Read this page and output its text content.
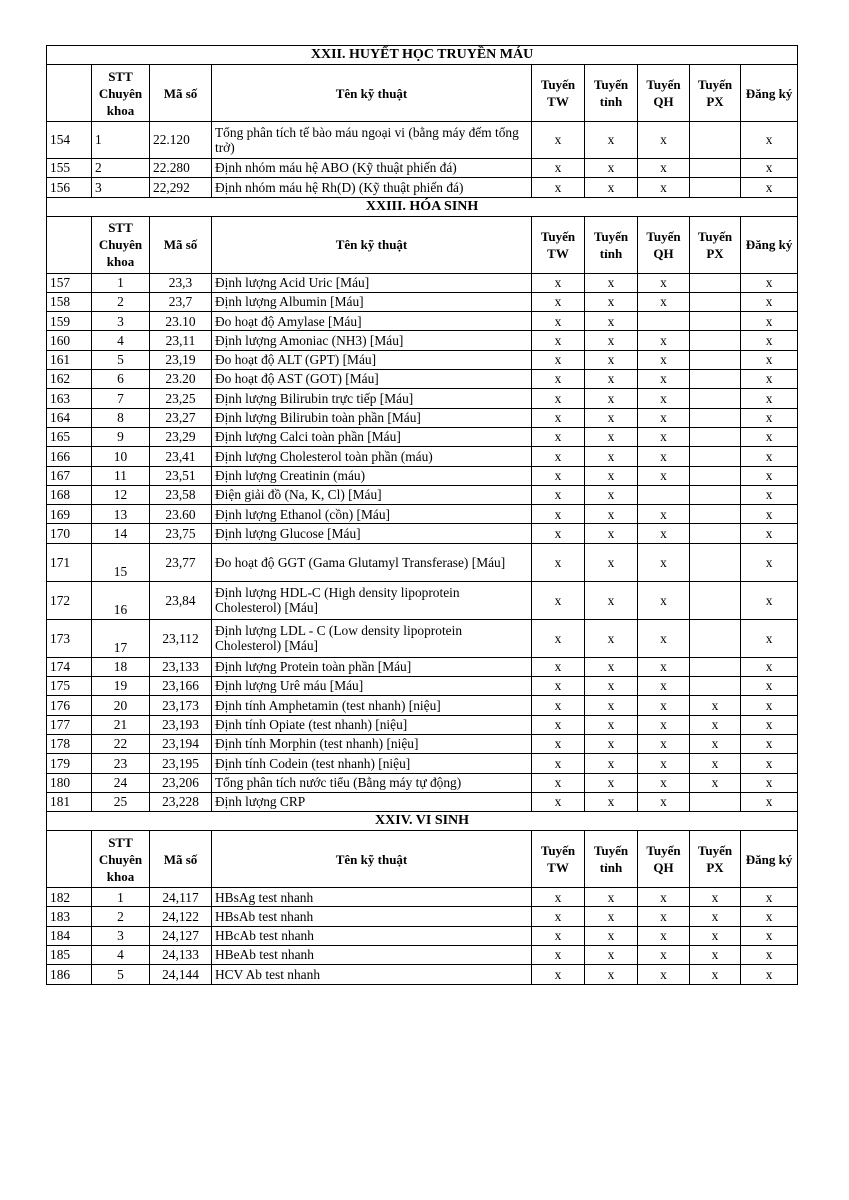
XXII. HUYẾT HỌC TRUYỀN MÁU								
	STT Chuyên khoa	Mã số	Tên kỹ thuật	Tuyến TW	Tuyến tỉnh	Tuyến QH	Tuyến PX	Đăng ký
154	1	22.120	Tổng phân tích tế bào máu ngoại vi (bằng máy đếm tổng trở)	x	x	x		x
155	2	22.280	Định nhóm máu hệ ABO (Kỹ thuật phiến đá)	x	x	x		x
156	3	22,292	Định nhóm máu hệ Rh(D) (Kỹ thuật phiến đá)	x	x	x		x
XXIII. HÓA SINH								
	STT Chuyên khoa	Mã số	Tên kỹ thuật	Tuyến TW	Tuyến tỉnh	Tuyến QH	Tuyến PX	Đăng ký
157	1	23,3	Định lượng Acid Uric [Máu]	x	x	x		x
158	2	23,7	Định lượng Albumin [Máu]	x	x	x		x
159	3	23.10	Đo hoạt độ Amylase [Máu]	x	x			x
160	4	23,11	Định lượng Amoniac (NH3) [Máu]	x	x	x		x
161	5	23,19	Đo hoạt độ ALT (GPT) [Máu]	x	x	x		x
162	6	23.20	Đo hoạt độ AST (GOT) [Máu]	x	x	x		x
163	7	23,25	Định lượng Bilirubin trực tiếp [Máu]	x	x	x		x
164	8	23,27	Định lượng Bilirubin toàn phần [Máu]	x	x	x		x
165	9	23,29	Định lượng Calci toàn phần [Máu]	x	x	x		x
166	10	23,41	Định lượng Cholesterol toàn phần (máu)	x	x	x		x
167	11	23,51	Định lượng Creatinin (máu)	x	x	x		x
168	12	23,58	Điện giải đồ (Na, K, Cl) [Máu]	x	x			x
169	13	23.60	Định lượng Ethanol (cồn) [Máu]	x	x	x		x
170	14	23,75	Định lượng Glucose [Máu]	x	x	x		x
171	15	23,77	Đo hoạt độ GGT (Gama Glutamyl Transferase) [Máu]	x	x	x		x
172	16	23,84	Định lượng HDL-C (High density lipoprotein Cholesterol) [Máu]	x	x	x		x
173	17	23,112	Định lượng LDL - C (Low density lipoprotein Cholesterol) [Máu]	x	x	x		x
174	18	23,133	Định lượng Protein toàn phần [Máu]	x	x	x		x
175	19	23,166	Định lượng Urê máu [Máu]	x	x	x		x
176	20	23,173	Định tính Amphetamin (test nhanh) [niệu]	x	x	x	x	x
177	21	23,193	Định tính Opiate (test nhanh) [niệu]	x	x	x	x	x
178	22	23,194	Định tính Morphin (test nhanh) [niệu]	x	x	x	x	x
179	23	23,195	Định tính Codein (test nhanh) [niệu]	x	x	x	x	x
180	24	23,206	Tổng phân tích nước tiểu (Bằng máy tự động)	x	x	x	x	x
181	25	23,228	Định lượng CRP	x	x	x		x
XXIV. VI SINH								
	STT Chuyên khoa	Mã số	Tên kỹ thuật	Tuyến TW	Tuyến tỉnh	Tuyến QH	Tuyến PX	Đăng ký
182	1	24,117	HBsAg test nhanh	x	x	x	x	x
183	2	24,122	HBsAb test nhanh	x	x	x	x	x
184	3	24,127	HBcAb test nhanh	x	x	x	x	x
185	4	24,133	HBeAb test nhanh	x	x	x	x	x
186	5	24,144	HCV Ab test nhanh	x	x	x	x	x
